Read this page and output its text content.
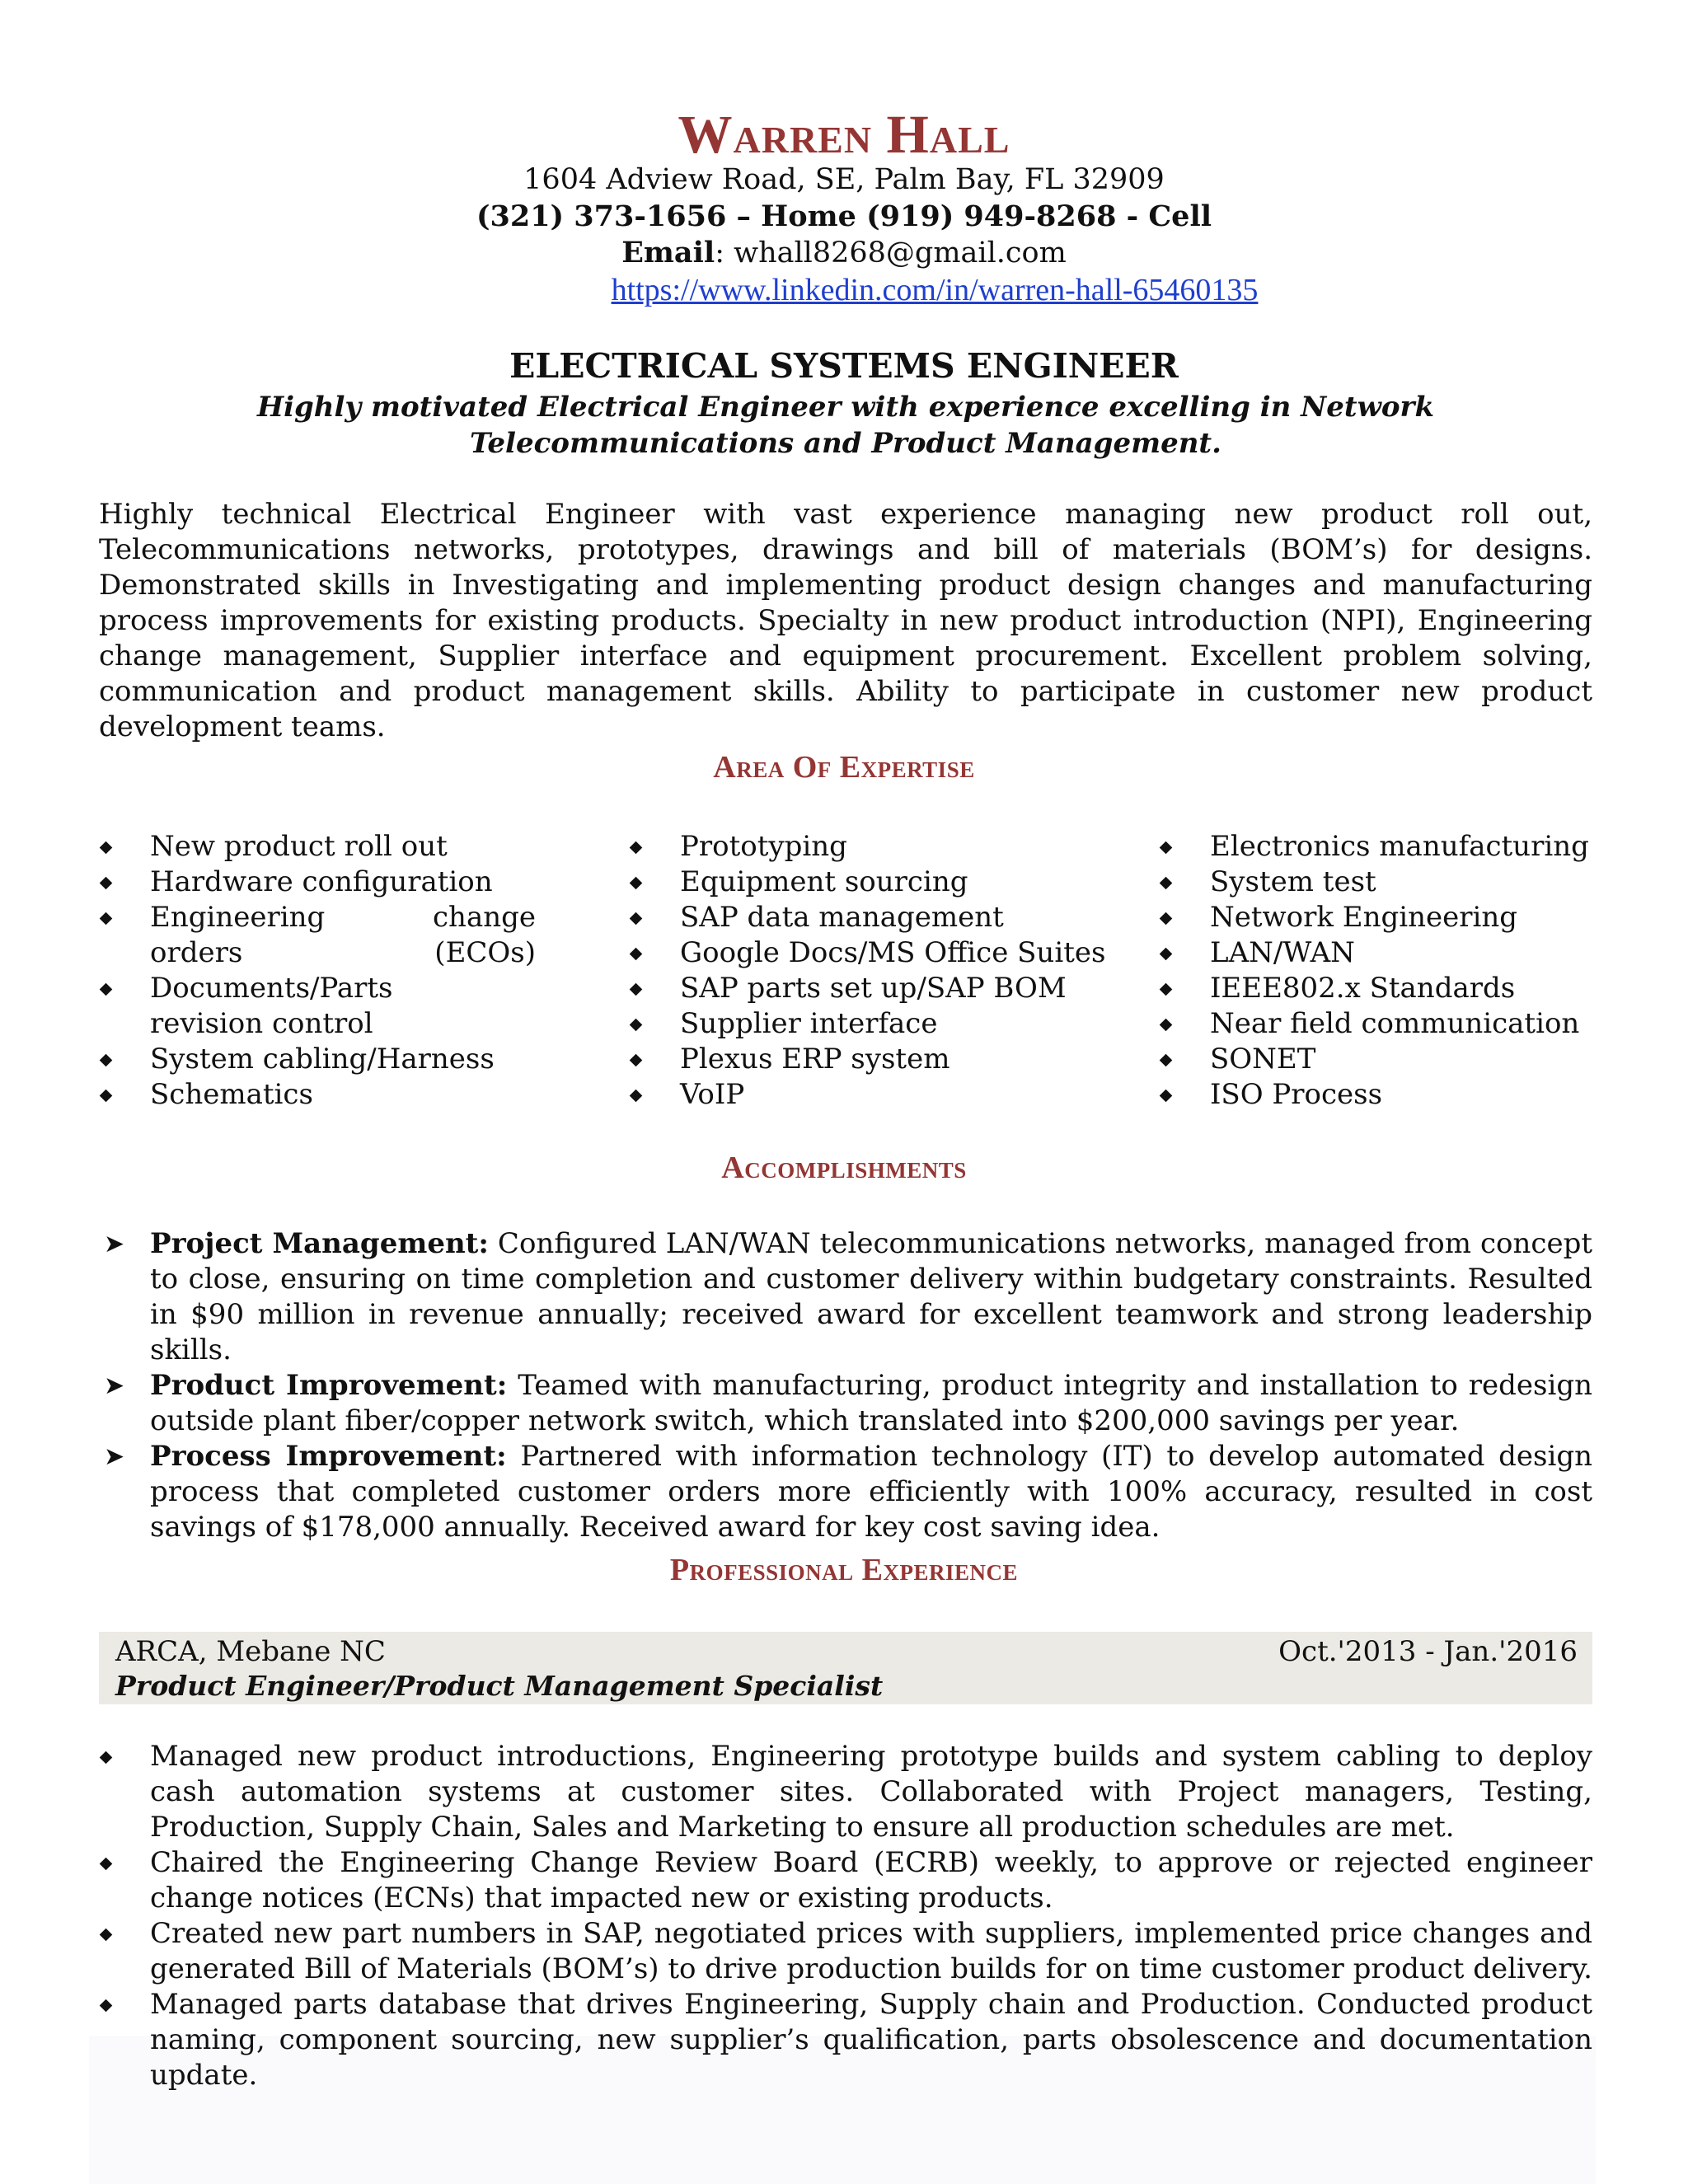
Warren Hall
1604 Adview Road, SE, Palm Bay, FL 32909
(321) 373-1656 – Home (919) 949-8268 - Cell
Email: whall8268@gmail.com
https://www.linkedin.com/in/warren-hall-65460135
ELECTRICAL SYSTEMS ENGINEER
Highly motivated Electrical Engineer with experience excelling in Network Telecommunications and Product Management.
Highly technical Electrical Engineer with vast experience managing new product roll out, Telecommunications networks, prototypes, drawings and bill of materials (BOM’s) for designs. Demonstrated skills in Investigating and implementing product design changes and manufacturing process improvements for existing products. Specialty in new product introduction (NPI), Engineering change management, Supplier interface and equipment procurement. Excellent problem solving, communication and product management skills. Ability to participate in customer new product development teams.
Area Of Expertise
New product roll out
Hardware configuration
Engineering change orders (ECOs)
Documents/Parts revision control
System cabling/Harness
Schematics
Prototyping
Equipment sourcing
SAP data management
Google Docs/MS Office Suites
SAP parts set up/SAP BOM
Supplier interface
Plexus ERP system
VoIP
Electronics manufacturing
System test
Network Engineering
LAN/WAN
IEEE802.x Standards
Near field communication
SONET
ISO Process
Accomplishments
➤ Project Management: Configured LAN/WAN telecommunications networks, managed from concept to close, ensuring on time completion and customer delivery within budgetary constraints. Resulted in $90 million in revenue annually; received award for excellent teamwork and strong leadership skills.
➤ Product Improvement: Teamed with manufacturing, product integrity and installation to redesign outside plant fiber/copper network switch, which translated into $200,000 savings per year.
➤ Process Improvement: Partnered with information technology (IT) to develop automated design process that completed customer orders more efficiently with 100% accuracy, resulted in cost savings of $178,000 annually. Received award for key cost saving idea.
Professional Experience
ARCA, Mebane NC	Oct.'2013 - Jan.'2016
Product Engineer/Product Management Specialist
Managed new product introductions, Engineering prototype builds and system cabling to deploy cash automation systems at customer sites. Collaborated with Project managers, Testing, Production, Supply Chain, Sales and Marketing to ensure all production schedules are met.
Chaired the Engineering Change Review Board (ECRB) weekly, to approve or rejected engineer change notices (ECNs) that impacted new or existing products.
Created new part numbers in SAP, negotiated prices with suppliers, implemented price changes and generated Bill of Materials (BOM’s) to drive production builds for on time customer product delivery.
Managed parts database that drives Engineering, Supply chain and Production. Conducted product naming, component sourcing, new supplier’s qualification, parts obsolescence and documentation update.
